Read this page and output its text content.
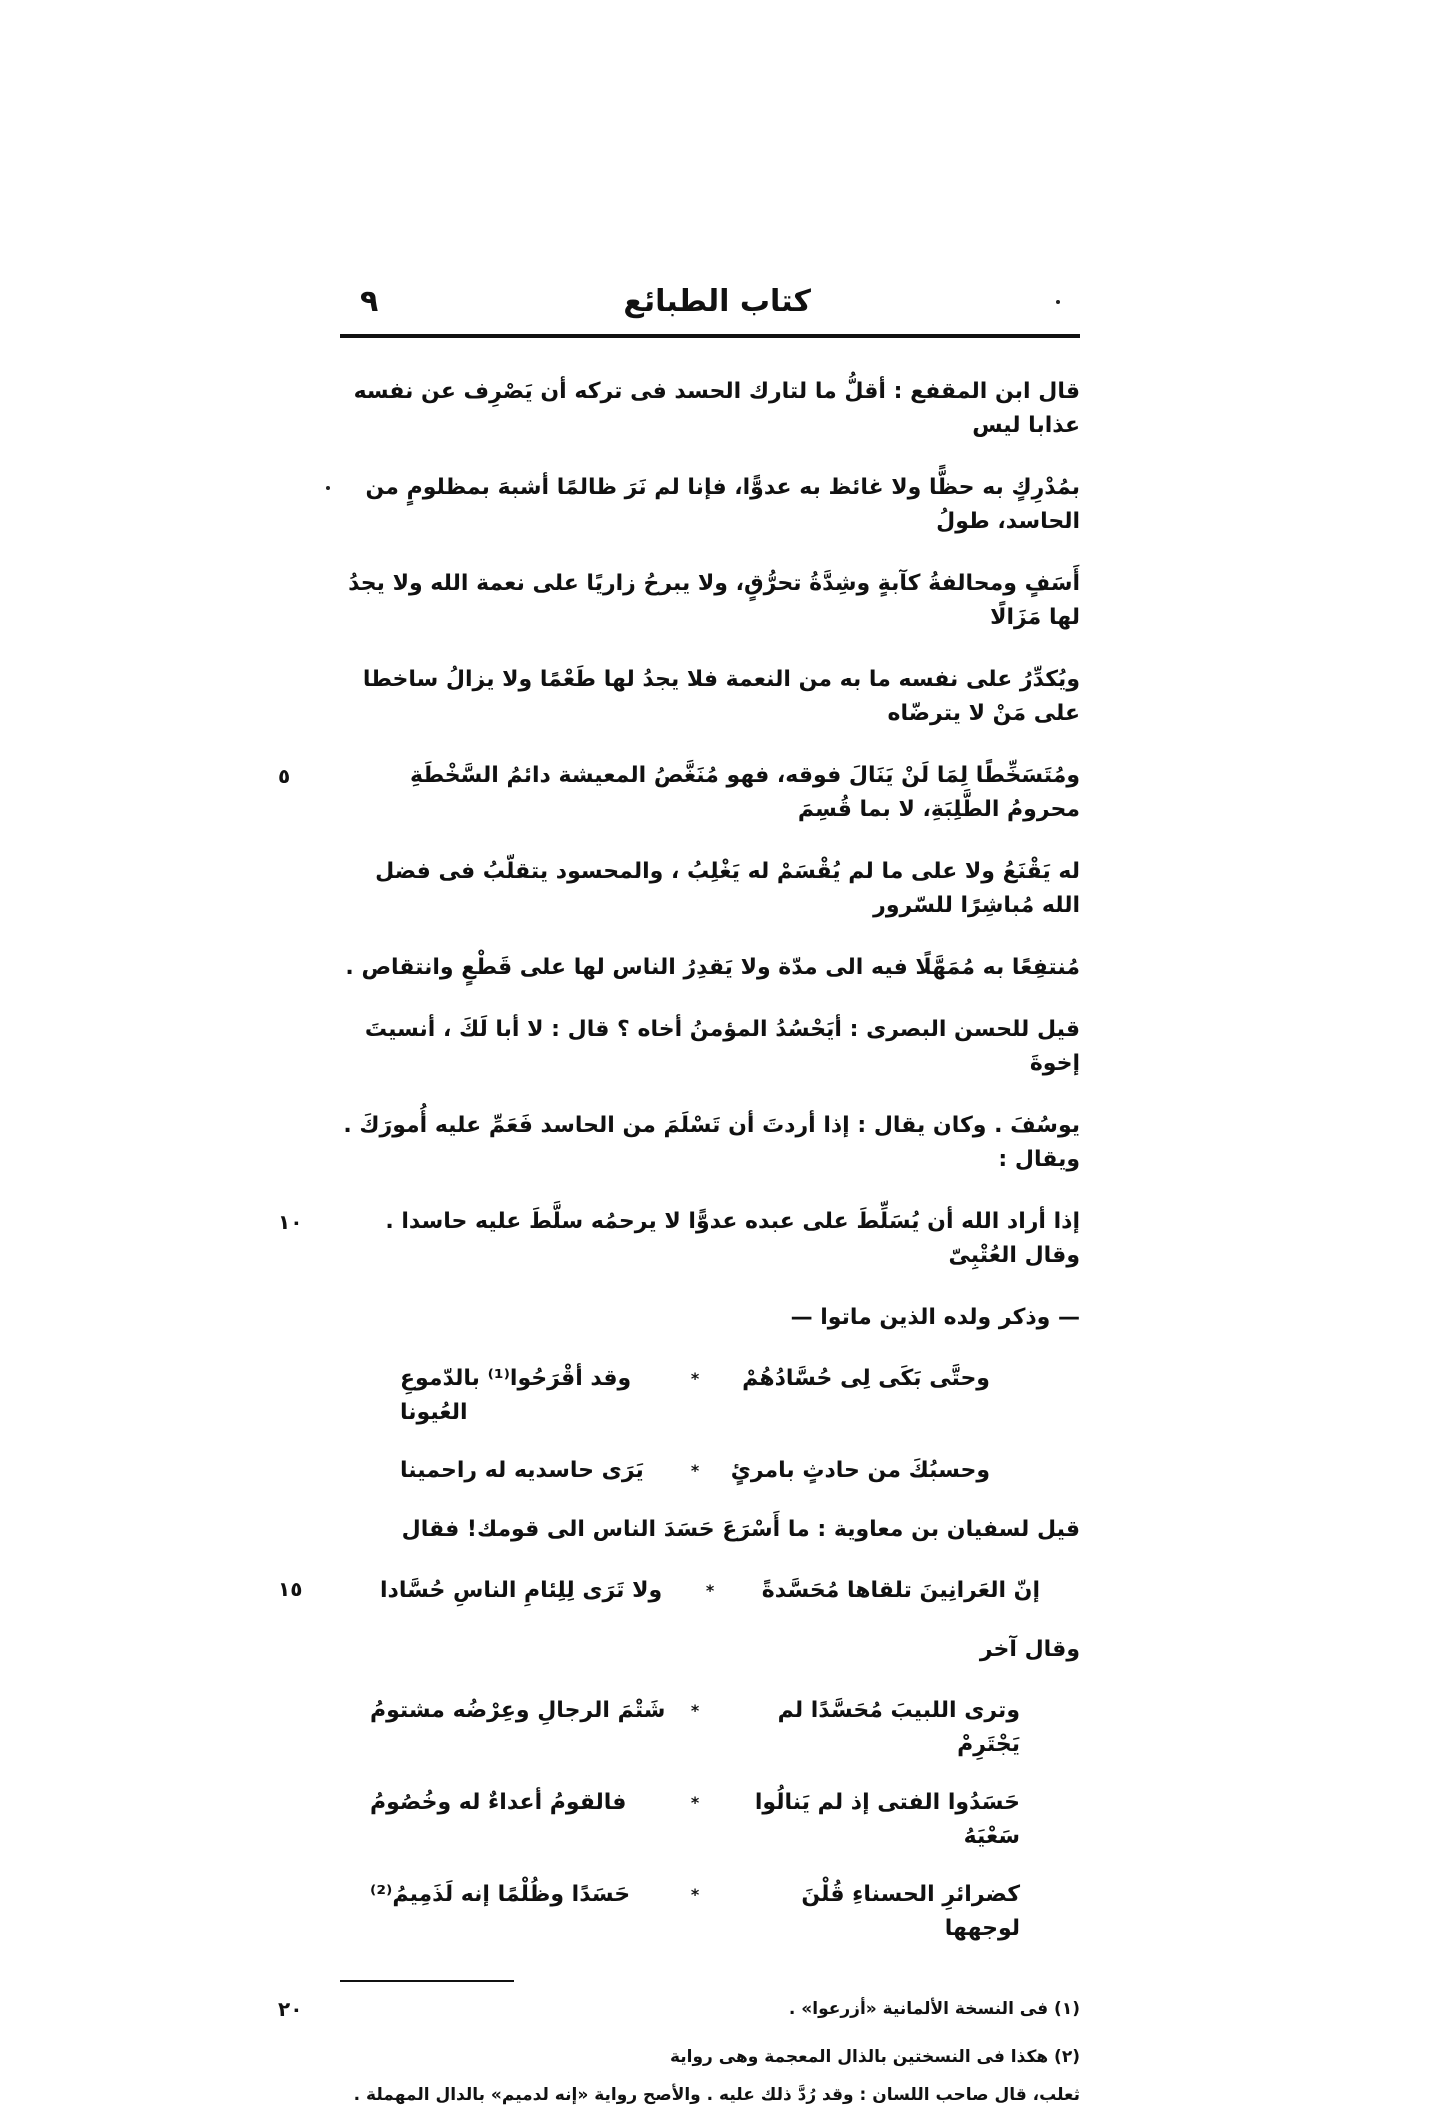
كتاب الطبائع
٩
قال ابن المقفع : أقلُّ ما لتارك الحسد فى تركه أن يَصْرِف عن نفسه عذابا ليس
بمُدْرِكٍ به حظًّا ولا غائظ به عدوًّا، فإنا لم نَرَ ظالمًا أشبهَ بمظلومٍ من الحاسد، طولُ
أَسَفٍ ومحالفةُ كآبةٍ وشِدَّةُ تحرُّقٍ، ولا يبرحُ زاريًا على نعمة الله ولا يجدُ لها مَزَالًا
ويُكدِّرُ على نفسه ما به من النعمة فلا يجدُ لها طَعْمًا ولا يزالُ ساخطا على مَنْ لا يترضّاه
ومُتَسَخِّطًا لِمَا لَنْ يَنَالَ فوقه، فهو مُنَغَّصُ المعيشة دائمُ السَّخْطَةِ محرومُ الطَّلِبَةِ، لا بما قُسِمَ
٥
له يَقْنَعُ ولا على ما لم يُقْسَمْ له يَغْلِبُ ، والمحسود يتقلّبُ فى فضل الله مُباشِرًا للسّرور
مُنتفِعًا به مُمَهَّلًا فيه الى مدّة ولا يَقدِرُ الناس لها على قَطْعٍ وانتقاص .
قيل للحسن البصرى : أيَحْسُدُ المؤمنُ أخاه ؟ قال : لا أبا لَكَ ، أنسيتَ إخوةَ
يوسُفَ . وكان يقال : إذا أردتَ أن تَسْلَمَ من الحاسد فَعَمِّ عليه أُمورَكَ . ويقال :
إذا أراد الله أن يُسَلِّطَ على عبده عدوًّا لا يرحمُه سلَّطَ عليه حاسدا . وقال العُتْبِىّ
١٠
— وذكر ولده الذين ماتوا —
وحتَّى بَكَى لِى حُسَّادُهُمْ
*
وقد أقْرَحُوا⁽¹⁾ بالدّموعِ العُيونا
وحسبُكَ من حادثٍ بامرئٍ
*
يَرَى حاسديه له راحمينا
قيل لسفيان بن معاوية : ما أَسْرَعَ حَسَدَ الناس الى قومك! فقال
إنّ العَرانِينَ تلقاها مُحَسَّدةً
*
ولا تَرَى لِلِئامِ الناسِ حُسَّادا
١٥
وقال آخر
وترى اللبيبَ مُحَسَّدًا لم يَجْتَرِمْ
*
شَتْمَ الرجالِ وعِرْضُه مشتومُ
حَسَدُوا الفتى إذ لم يَنالُوا سَعْيَهُ
*
فالقومُ أعداءٌ له وخُصُومُ
كضرائرِ الحسناءِ قُلْنَ لوجهها
*
حَسَدًا وظُلْمًا إنه لَذَمِيمُ⁽²⁾
(١) فى النسخة الألمانية «أزرعوا» .
(٢) هكذا فى النسختين بالذال المعجمة وهى رواية
٢٠
ثعلب، قال صاحب اللسان : وقد رُدَّ ذلك عليه . والأصح رواية «إنه لدميم» بالدال المهملة .
